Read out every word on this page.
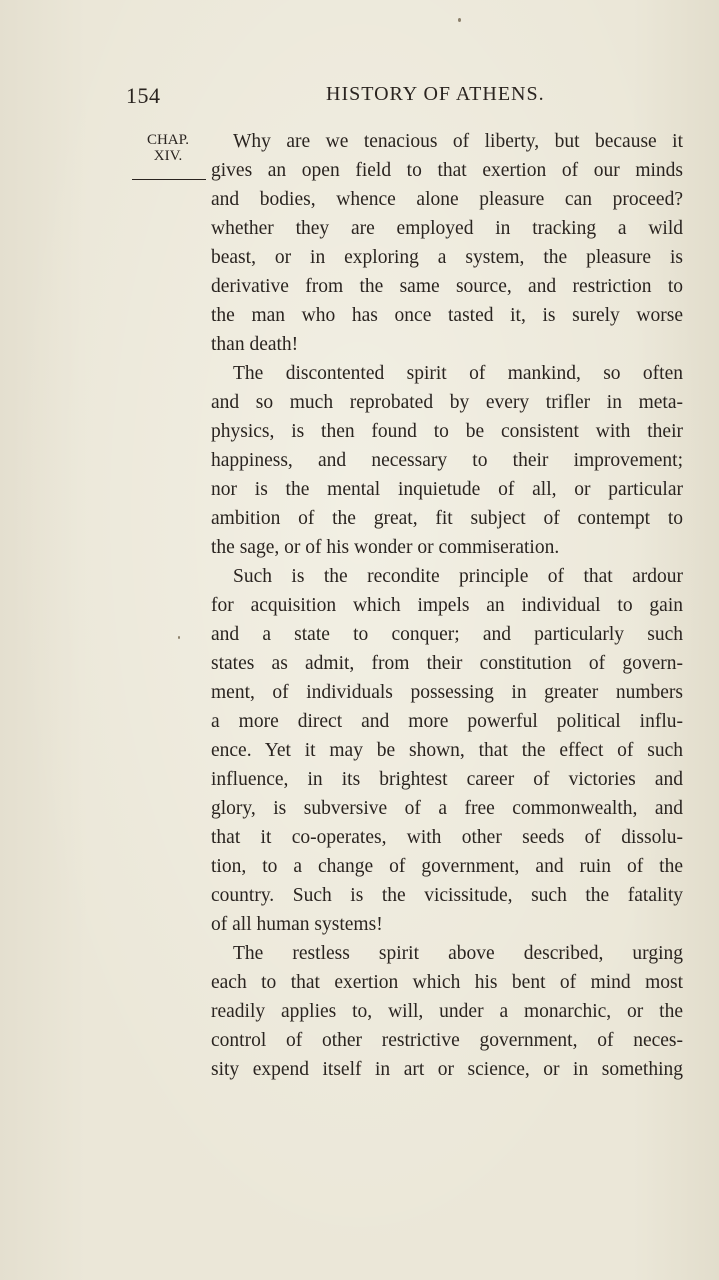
154	HISTORY OF ATHENS.
CHAP.
XIV.
Why are we tenacious of liberty, but because it
gives an open field to that exertion of our minds
and bodies, whence alone pleasure can proceed?
whether they are employed in tracking a wild
beast, or in exploring a system, the pleasure is
derivative from the same source, and restriction to
the man who has once tasted it, is surely worse
than death!
The discontented spirit of mankind, so often
and so much reprobated by every trifler in meta-
physics, is then found to be consistent with their
happiness, and necessary to their improvement;
nor is the mental inquietude of all, or particular
ambition of the great, fit subject of contempt to
the sage, or of his wonder or commiseration.
Such is the recondite principle of that ardour
for acquisition which impels an individual to gain
and a state to conquer; and particularly such
states as admit, from their constitution of govern-
ment, of individuals possessing in greater numbers
a more direct and more powerful political influ-
ence. Yet it may be shown, that the effect of such
influence, in its brightest career of victories and
glory, is subversive of a free commonwealth, and
that it co-operates, with other seeds of dissolu-
tion, to a change of government, and ruin of the
country. Such is the vicissitude, such the fatality
of all human systems!
The restless spirit above described, urging
each to that exertion which his bent of mind most
readily applies to, will, under a monarchic, or the
control of other restrictive government, of neces-
sity expend itself in art or science, or in something
